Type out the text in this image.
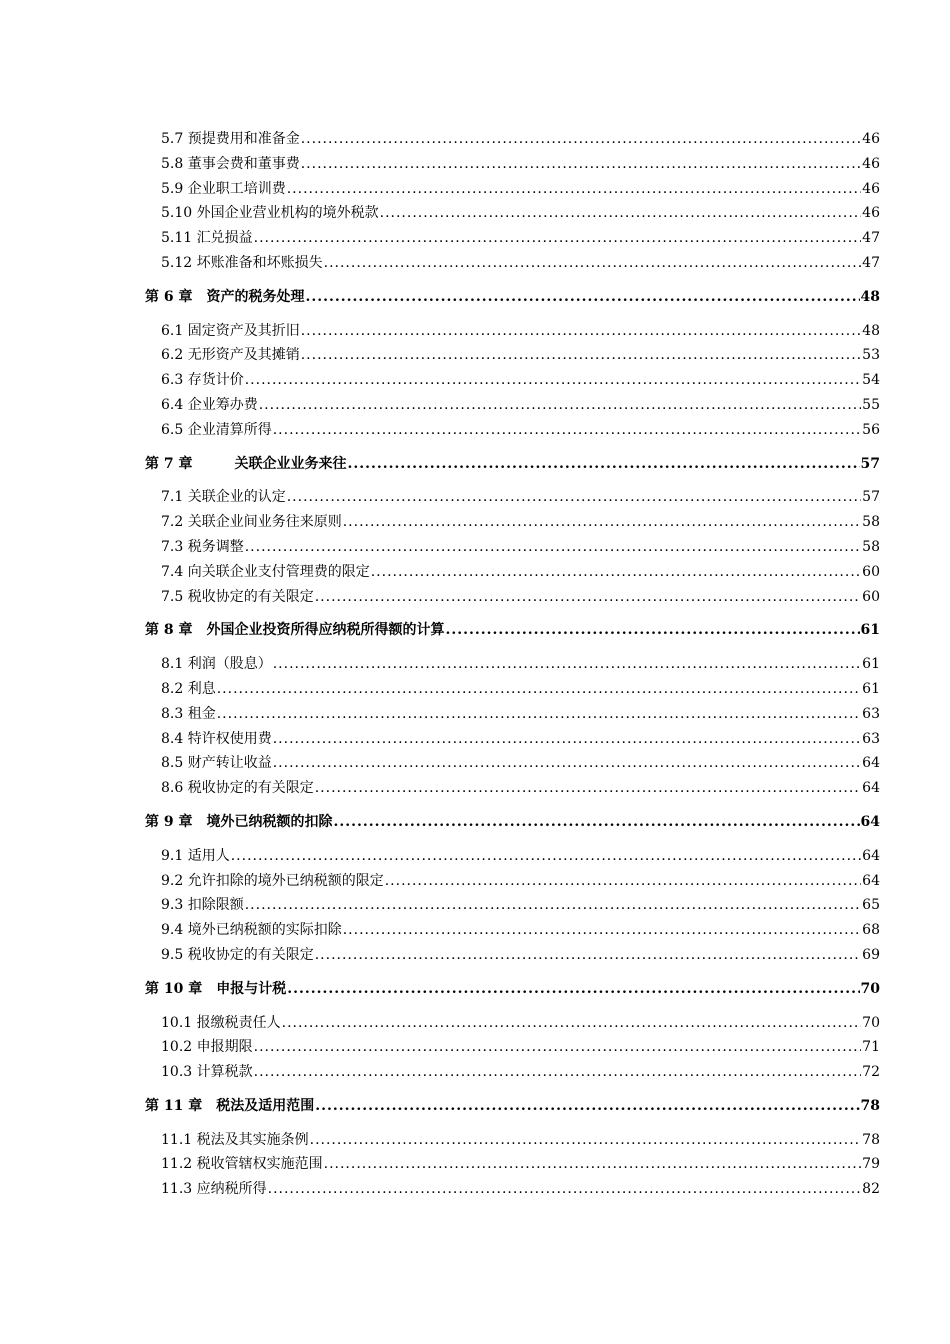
5.7 预提费用和准备金 .....	46
5.8 董事会费和董事费 .....	46
5.9 企业职工培训费 .....	46
5.10 外国企业营业机构的境外税款 .....	46
5.11 汇兑损益 .....	47
5.12 坏账准备和坏账损失 .....	47
第 6 章　资产的税务处理 .....	48
6.1 固定资产及其折旧 .....	48
6.2 无形资产及其摊销 .....	53
6.3 存货计价 .....	54
6.4 企业筹办费 .....	55
6.5 企业清算所得 .....	56
第 7 章　　　关联企业业务来往 .....	57
7.1 关联企业的认定 .....	57
7.2 关联企业间业务往来原则 .....	58
7.3 税务调整 .....	58
7.4 向关联企业支付管理费的限定 .....	60
7.5 税收协定的有关限定 .....	60
第 8 章　外国企业投资所得应纳税所得额的计算 .....	61
8.1 利润（股息） .....	61
8.2 利息 .....	61
8.3 租金 .....	63
8.4 特许权使用费 .....	63
8.5 财产转让收益 .....	64
8.6 税收协定的有关限定 .....	64
第 9 章　境外已纳税额的扣除 .....	64
9.1 适用人 .....	64
9.2 允许扣除的境外已纳税额的限定 .....	64
9.3 扣除限额 .....	65
9.4 境外已纳税额的实际扣除 .....	68
9.5 税收协定的有关限定 .....	69
第 10 章　申报与计税 .....	70
10.1 报缴税责任人 .....	70
10.2 申报期限 .....	71
10.3 计算税款 .....	72
第 11 章　税法及适用范围 .....	78
11.1 税法及其实施条例 .....	78
11.2 税收管辖权实施范围 .....	79
11.3 应纳税所得 .....	82
